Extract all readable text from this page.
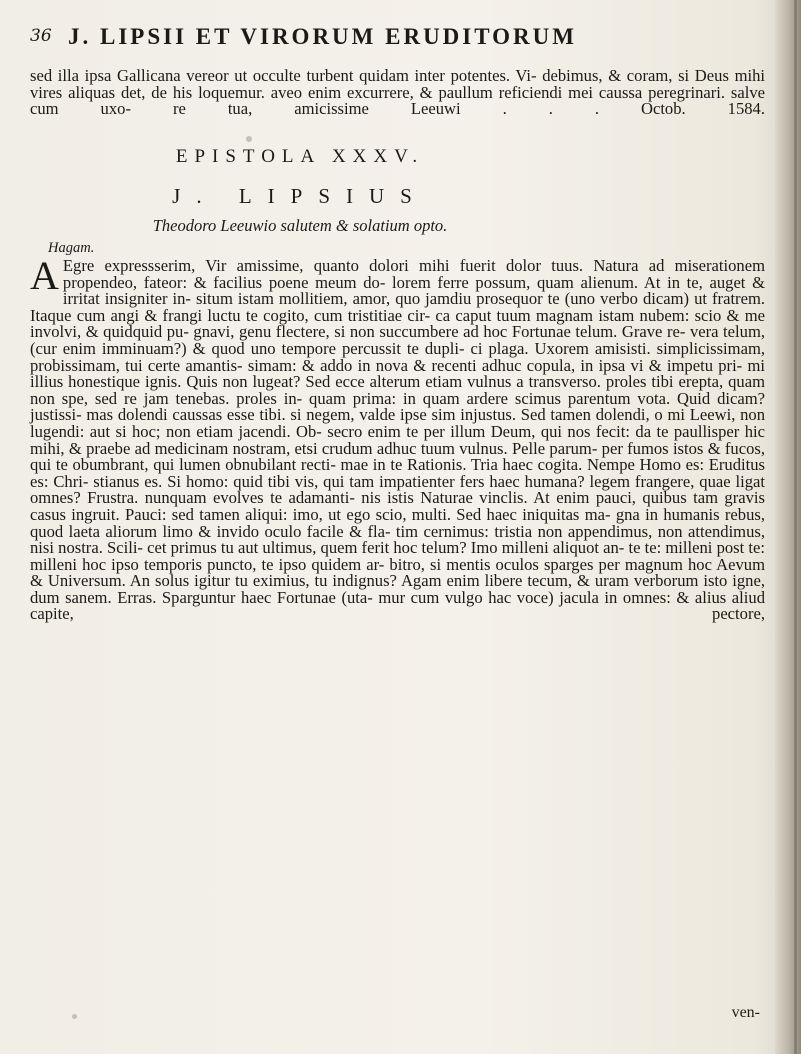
36 J. LIPSII ET VIRORUM ERUDITORUM

sed illa ipsa Gallicana vereor ut occulte turbent quidam inter potentes. Vi- debimus, & coram, si Deus mihi vires aliquas det, de his loquemur. aveo enim excurrere, & paullum reficiendi mei caussa peregrinari. salve cum uxo- re tua, amicissime Leeuwi . . . Octob. 1584.

EPISTOLA XXXV.
J. LIPSIUS
Theodoro Leeuwio salutem & solatium opto.
Hagam.

A Egre expressserim, Vir amissime, quanto dolori mihi fuerit dolor tuus. Natura ad miserationem propendeo, fateor: & facilius poene meum do- lorem ferre possum, quam alienum. At in te, auget & irritat insigniter in- situm istam mollitiem, amor, quo jamdiu prosequor te (uno verbo dicam) ut fratrem. Itaque cum angi & frangi luctu te cogito, cum tristitiae cir- ca caput tuum magnam istam nubem: scio & me involvi, & quidquid pu- gnavi, genu flectere, si non succumbere ad hoc Fortunae telum. Grave re- vera telum, (cur enim imminuam?) & quod uno tempore percussit te dupli- ci plaga. Uxorem amisisti. simplicissimam, probissimam, tui certe amantis- simam: & addo in nova & recenti adhuc copula, in ipsa vi & impetu pri- mi illius honestique ignis. Quis non lugeat? Sed ecce alterum etiam vulnus a transverso. proles tibi erepta, quam non spe, sed re jam tenebas. proles in- quam prima: in quam ardere scimus parentum vota. Quid dicam? justissi- mas dolendi caussas esse tibi. si negem, valde ipse sim injustus. Sed tamen dolendi, o mi Leewi, non lugendi: aut si hoc; non etiam jacendi. Ob- secro enim te per illum Deum, qui nos fecit: da te paullisper hic mihi, & praebe ad medicinam nostram, etsi crudum adhuc tuum vulnus. Pelle parum- per fumos istos & fucos, qui te obumbrant, qui lumen obnubilant recti- mae in te Rationis. Tria haec cogita. Nempe Homo es: Eruditus es: Chri- stianus es. Si homo: quid tibi vis, qui tam impatienter fers haec humana? legem frangere, quae ligat omnes? Frustra. nunquam evolves te adamanti- nis istis Naturae vinclis. At enim pauci, quibus tam gravis casus ingruit. Pauci: sed tamen aliqui: imo, ut ego scio, multi. Sed haec iniquitas ma- gna in humanis rebus, quod laeta aliorum limo & invido oculo facile & fla- tim cernimus: tristia non appendimus, non attendimus, nisi nostra. Scili- cet primus tu aut ultimus, quem ferit hoc telum? Imo milleni aliquot an- te te: milleni post te: milleni hoc ipso temporis puncto, te ipso quidem ar- bitro, si mentis oculos sparges per magnum hoc Aevum & Universum. An solus igitur tu eximius, tu indignus? Agam enim libere tecum, & uram verborum isto igne, dum sanem. Erras. Sparguntur haec Fortunae (uta- mur cum vulgo hac voce) jacula in omnes: & alius aliud capite, pectore,

ven-
